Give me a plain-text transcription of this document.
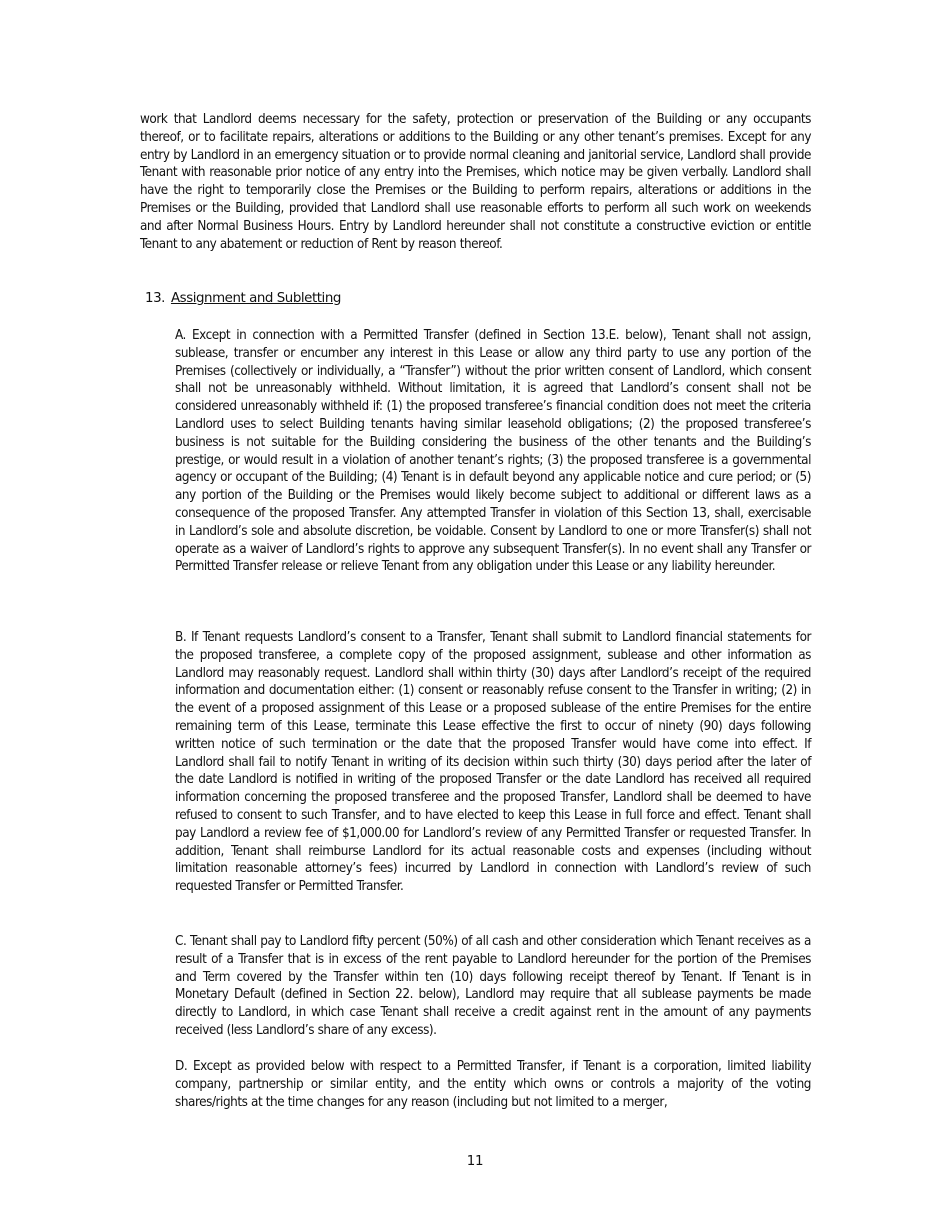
work that Landlord deems necessary for the safety, protection or preservation of the Building or any occupants thereof, or to facilitate repairs, alterations or additions to the Building or any other tenant’s premises. Except for any entry by Landlord in an emergency situation or to provide normal cleaning and janitorial service, Landlord shall provide Tenant with reasonable prior notice of any entry into the Premises, which notice may be given verbally. Landlord shall have the right to temporarily close the Premises or the Building to perform repairs, alterations or additions in the Premises or the Building, provided that Landlord shall use reasonable efforts to perform all such work on weekends and after Normal Business Hours. Entry by Landlord hereunder shall not constitute a constructive eviction or entitle Tenant to any abatement or reduction of Rent by reason thereof.

13. Assignment and Subletting

A. Except in connection with a Permitted Transfer (defined in Section 13.E. below), Tenant shall not assign, sublease, transfer or encumber any interest in this Lease or allow any third party to use any portion of the Premises (collectively or individually, a “Transfer”) without the prior written consent of Landlord, which consent shall not be unreasonably withheld. Without limitation, it is agreed that Landlord’s consent shall not be considered unreasonably withheld if: (1) the proposed transferee’s financial condition does not meet the criteria Landlord uses to select Building tenants having similar leasehold obligations; (2) the proposed transferee’s business is not suitable for the Building considering the business of the other tenants and the Building’s prestige, or would result in a violation of another tenant’s rights; (3) the proposed transferee is a governmental agency or occupant of the Building; (4) Tenant is in default beyond any applicable notice and cure period; or (5) any portion of the Building or the Premises would likely become subject to additional or different laws as a consequence of the proposed Transfer. Any attempted Transfer in violation of this Section 13, shall, exercisable in Landlord’s sole and absolute discretion, be voidable. Consent by Landlord to one or more Transfer(s) shall not operate as a waiver of Landlord’s rights to approve any subsequent Transfer(s). In no event shall any Transfer or Permitted Transfer release or relieve Tenant from any obligation under this Lease or any liability hereunder.

B. If Tenant requests Landlord’s consent to a Transfer, Tenant shall submit to Landlord financial statements for the proposed transferee, a complete copy of the proposed assignment, sublease and other information as Landlord may reasonably request. Landlord shall within thirty (30) days after Landlord’s receipt of the required information and documentation either: (1) consent or reasonably refuse consent to the Transfer in writing; (2) in the event of a proposed assignment of this Lease or a proposed sublease of the entire Premises for the entire remaining term of this Lease, terminate this Lease effective the first to occur of ninety (90) days following written notice of such termination or the date that the proposed Transfer would have come into effect. If Landlord shall fail to notify Tenant in writing of its decision within such thirty (30) days period after the later of the date Landlord is notified in writing of the proposed Transfer or the date Landlord has received all required information concerning the proposed transferee and the proposed Transfer, Landlord shall be deemed to have refused to consent to such Transfer, and to have elected to keep this Lease in full force and effect. Tenant shall pay Landlord a review fee of $1,000.00 for Landlord’s review of any Permitted Transfer or requested Transfer. In addition, Tenant shall reimburse Landlord for its actual reasonable costs and expenses (including without limitation reasonable attorney’s fees) incurred by Landlord in connection with Landlord’s review of such requested Transfer or Permitted Transfer.

C. Tenant shall pay to Landlord fifty percent (50%) of all cash and other consideration which Tenant receives as a result of a Transfer that is in excess of the rent payable to Landlord hereunder for the portion of the Premises and Term covered by the Transfer within ten (10) days following receipt thereof by Tenant. If Tenant is in Monetary Default (defined in Section 22. below), Landlord may require that all sublease payments be made directly to Landlord, in which case Tenant shall receive a credit against rent in the amount of any payments received (less Landlord’s share of any excess).

D. Except as provided below with respect to a Permitted Transfer, if Tenant is a corporation, limited liability company, partnership or similar entity, and the entity which owns or controls a majority of the voting shares/rights at the time changes for any reason (including but not limited to a merger,

11
